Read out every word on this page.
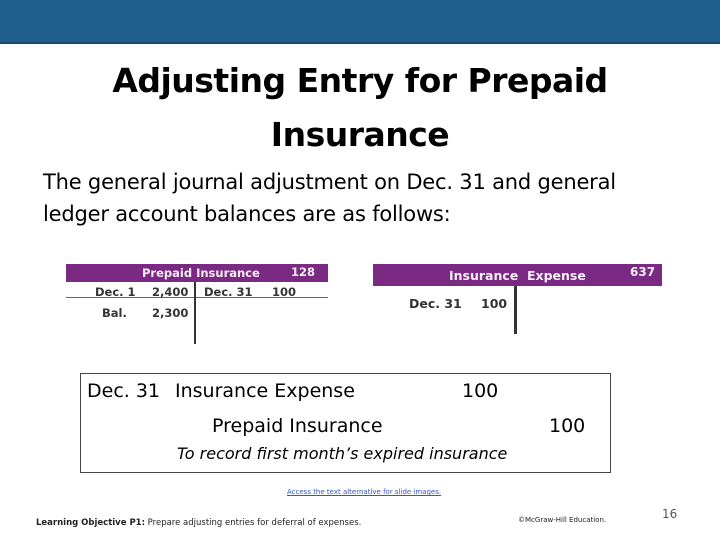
Adjusting Entry for Prepaid
Insurance
The general journal adjustment on Dec. 31 and general
ledger account balances are as follows:
Prepaid Insurance	128
Dec. 1 2,400 Dec. 31 100
Bal. 2,300
Insurance  Expense	637
Dec. 31 100
Dec. 31 Insurance Expense	100
Prepaid Insurance	100
To record first month’s expired insurance
Access the text alternative for slide images.
Learning Objective P1: Prepare adjusting entries for deferral of expenses.	©McGraw-Hill Education.	16
